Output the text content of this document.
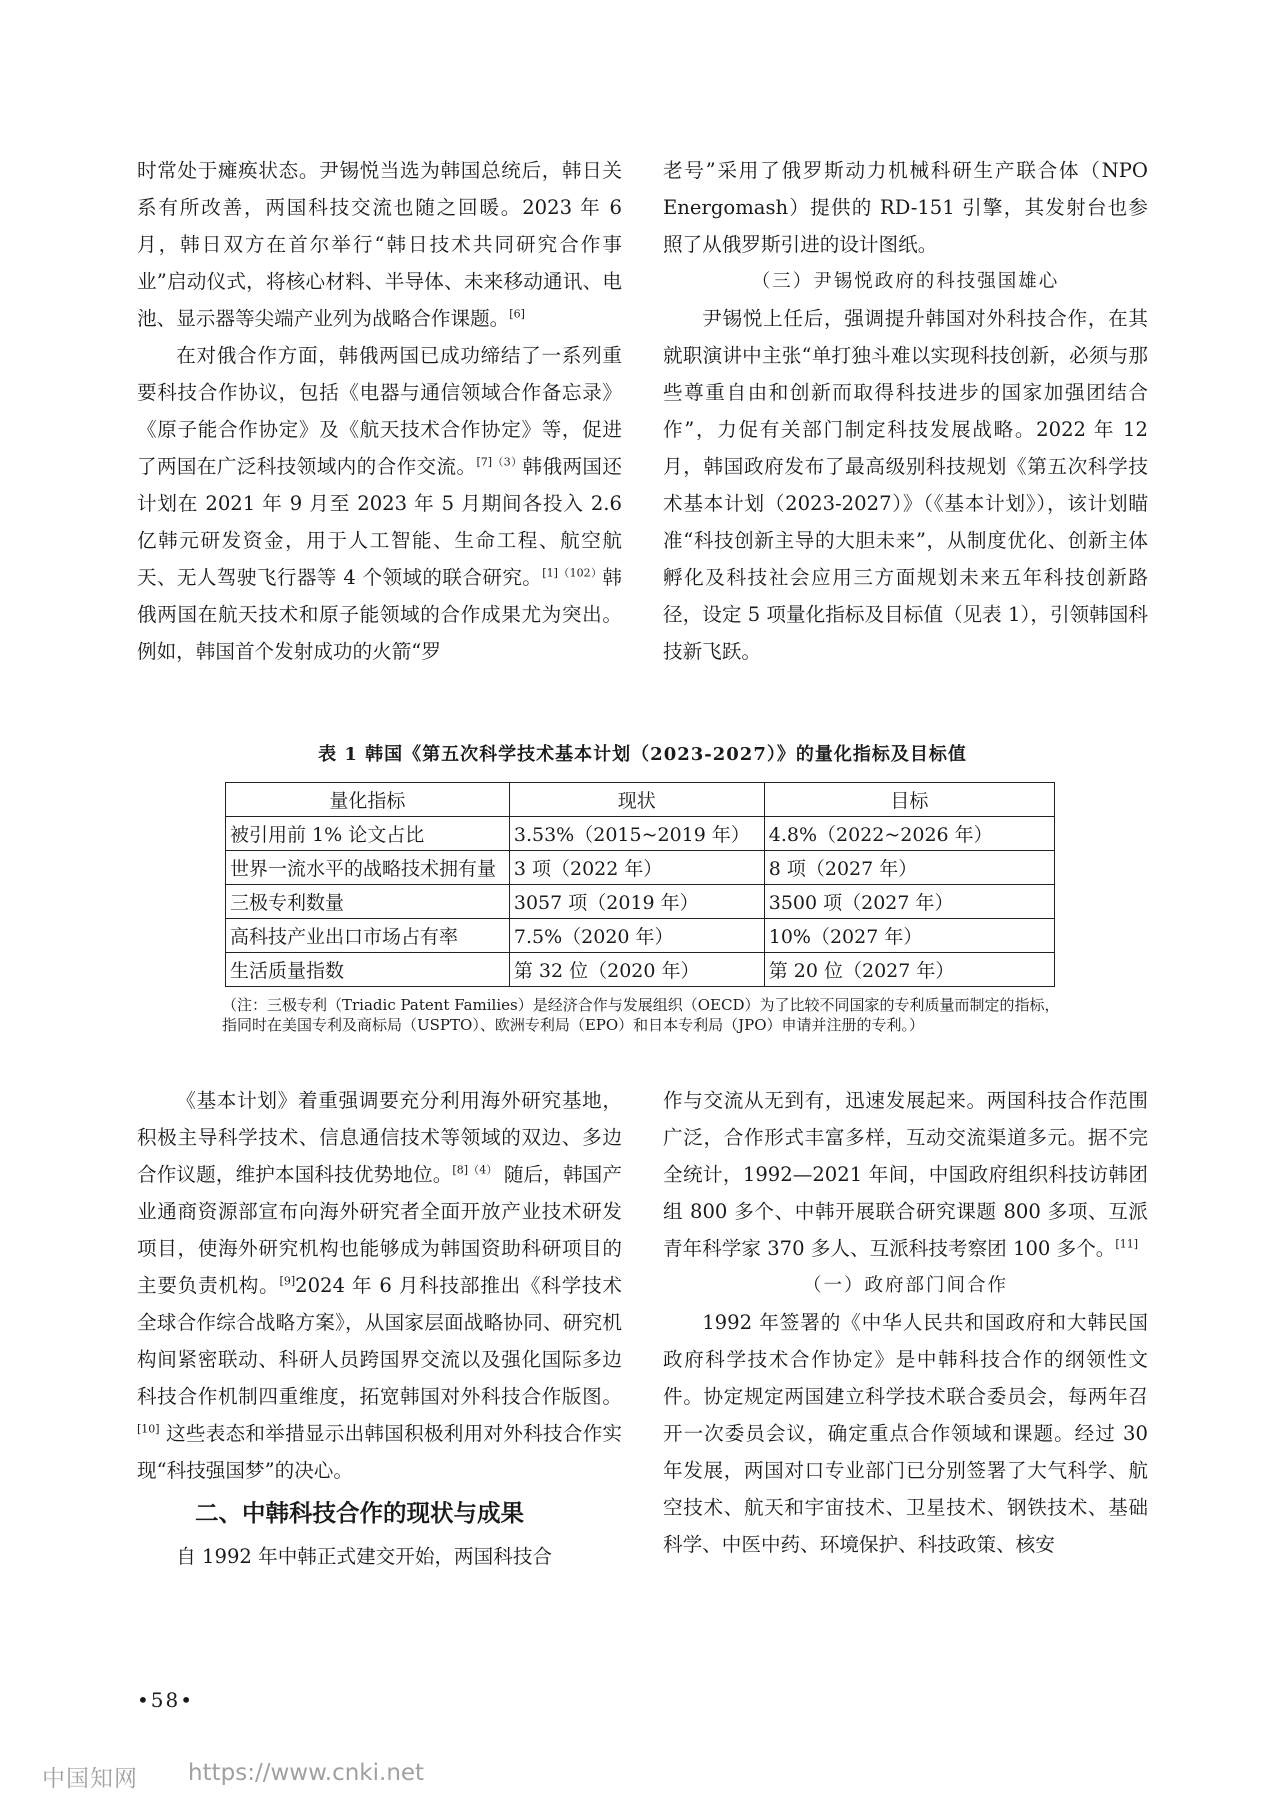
时常处于瘫痪状态。尹锡悦当选为韩国总统后，韩日关系有所改善，两国科技交流也随之回暖。2023 年 6 月，韩日双方在首尔举行“韩日技术共同研究合作事业”启动仪式，将核心材料、半导体、未来移动通讯、电池、显示器等尖端产业列为战略合作课题。[6]

在对俄合作方面，韩俄两国已成功缔结了一系列重要科技合作协议，包括《电器与通信领域合作备忘录》《原子能合作协定》及《航天技术合作协定》等，促进了两国在广泛科技领域内的合作交流。$^{[7](3)}$韩俄两国还计划在 2021 年 9 月至 2023 年 5 月期间各投入 2.6 亿韩元研发资金，用于人工智能、生命工程、航空航天、无人驾驶飞行器等 4 个领域的联合研究。$^{[1](102)}$韩俄两国在航天技术和原子能领域的合作成果尤为突出。例如，韩国首个发射成功的火箭“罗

老号”采用了俄罗斯动力机械科研生产联合体（NPO Energomash）提供的 RD-151 引擎，其发射台也参照了从俄罗斯引进的设计图纸。

（三）尹锡悦政府的科技强国雄心

尹锡悦上任后，强调提升韩国对外科技合作，在其就职演讲中主张“单打独斗难以实现科技创新，必须与那些尊重自由和创新而取得科技进步的国家加强团结合作”，力促有关部门制定科技发展战略。2022 年 12 月，韩国政府发布了最高级别科技规划《第五次科学技术基本计划（2023-2027）》（《基本计划》），该计划瞄准“科技创新主导的大胆未来”，从制度优化、创新主体孵化及科技社会应用三方面规划未来五年科技创新路径，设定 5 项量化指标及目标值（见表 1），引领韩国科技新飞跃。

表 1 韩国《第五次科学技术基本计划（2023-2027）》的量化指标及目标值
量化指标	现状	目标
被引用前 1% 论文占比	3.53%（2015~2019 年）	4.8%（2022~2026 年）
世界一流水平的战略技术拥有量	3 项（2022 年）	8 项（2027 年）
三极专利数量	3057 项（2019 年）	3500 项（2027 年）
高科技产业出口市场占有率	7.5%（2020 年）	10%（2027 年）
生活质量指数	第 32 位（2020 年）	第 20 位（2027 年）
（注：三极专利（Triadic Patent Families）是经济合作与发展组织（OECD）为了比较不同国家的专利质量而制定的指标，指同时在美国专利及商标局（USPTO）、欧洲专利局（EPO）和日本专利局（JPO）申请并注册的专利。）

《基本计划》着重强调要充分利用海外研究基地，积极主导科学技术、信息通信技术等领域的双边、多边合作议题，维护本国科技优势地位。$^{[8](4)}$ 随后，韩国产业通商资源部宣布向海外研究者全面开放产业技术研发项目，使海外研究机构也能够成为韩国资助科研项目的主要负责机构。[9]2024 年 6 月科技部推出《科学技术全球合作综合战略方案》，从国家层面战略协同、研究机构间紧密联动、科研人员跨国界交流以及强化国际多边科技合作机制四重维度，拓宽韩国对外科技合作版图。[10] 这些表态和举措显示出韩国积极利用对外科技合作实现“科技强国梦”的决心。

二、中韩科技合作的现状与成果

自 1992 年中韩正式建交开始，两国科技合

作与交流从无到有，迅速发展起来。两国科技合作范围广泛，合作形式丰富多样，互动交流渠道多元。据不完全统计，1992—2021 年间，中国政府组织科技访韩团组 800 多个、中韩开展联合研究课题 800 多项、互派青年科学家 370 多人、互派科技考察团 100 多个。[11]

（一）政府部门间合作

1992 年签署的《中华人民共和国政府和大韩民国政府科学技术合作协定》是中韩科技合作的纲领性文件。协定规定两国建立科学技术联合委员会，每两年召开一次委员会议，确定重点合作领域和课题。经过 30 年发展，两国对口专业部门已分别签署了大气科学、航空技术、航天和宇宙技术、卫星技术、钢铁技术、基础科学、中医中药、环境保护、科技政策、核安

•58•
中国知网 https://www.cnki.net
